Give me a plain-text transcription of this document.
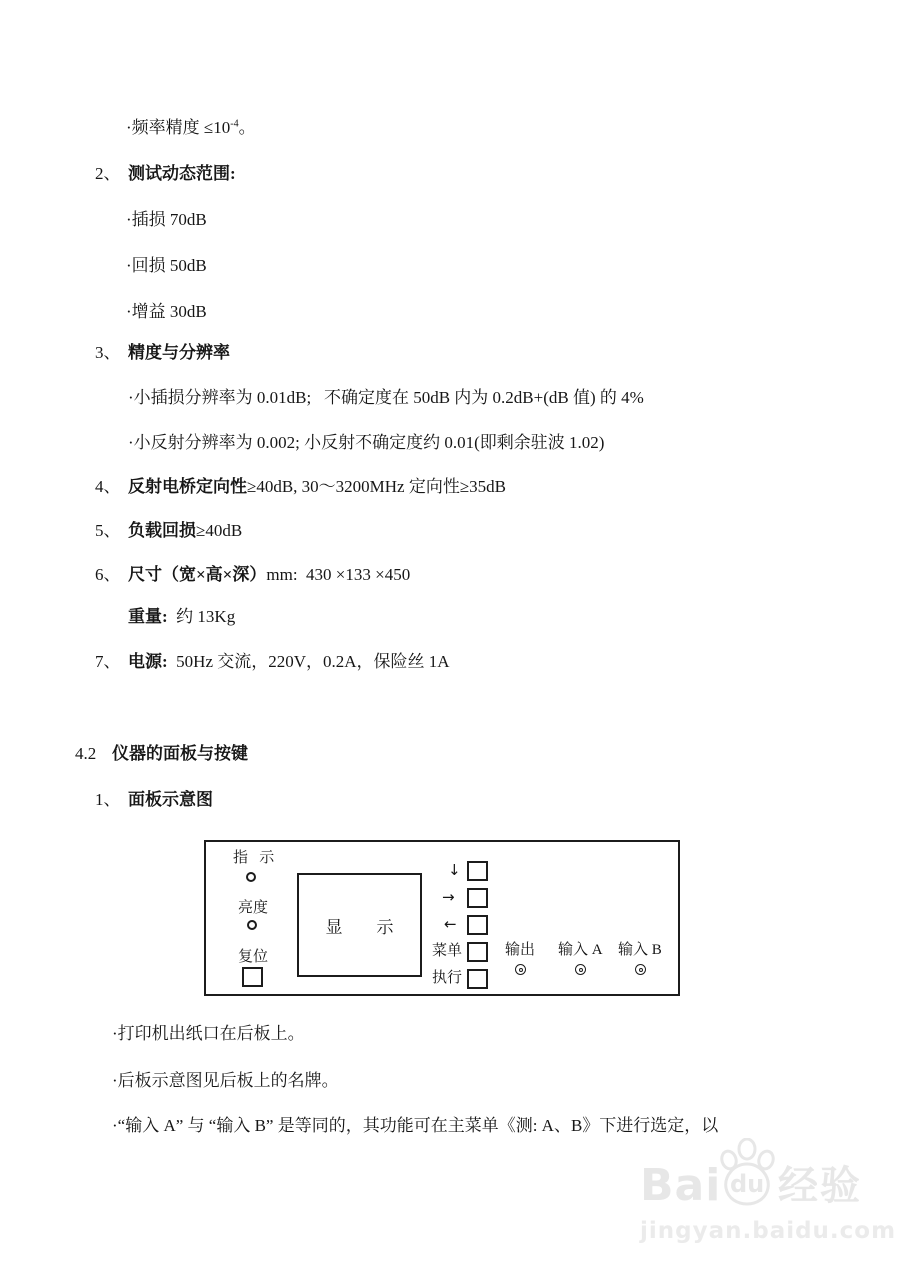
·频率精度 $\le 10^{-4}$。
2、 测试动态范围:
·插损 70dB
·回损 50dB
·增益 30dB
3、 精度与分辨率
·小插损分辨率为 0.01dB;   不确定度在 50dB 内为 0.2dB+(dB 值) 的 4%
·小反射分辨率为 0.002; 小反射不确定度约 0.01(即剩余驻波 1.02)
4、 反射电桥定向性≥40dB, 30～3200MHz 定向性≥35dB
5、 负载回损≥40dB
6、 尺寸（宽×高×深）mm:  430 ×133 ×450
重量:  约 13Kg
7、 电源:  50Hz 交流，220V，0.2A，保险丝 1A
4.2 仪器的面板与按键
1、 面板示意图
指   示
亮度
复位
显        示
↓
→
←
菜单
执行
输出 输入 A 输入 B
·打印机出纸口在后板上。
·后板示意图见后板上的名牌。
·“输入 A” 与 “输入 B” 是等同的，其功能可在主菜单《测: A、B》下进行选定，以
Bai du 经验
jingyan.baidu.com
